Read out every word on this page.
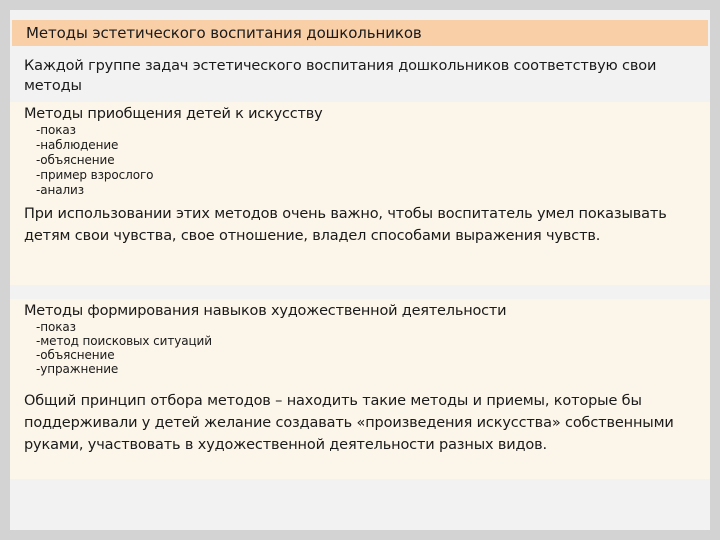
Методы эстетического воспитания дошкольников
Каждой группе задач эстетического воспитания дошкольников соответствую свои методы
Методы приобщения детей к искусству
-показ
-наблюдение
-объяснение
-пример взрослого
-анализ
При использовании этих методов очень важно, чтобы воспитатель умел показывать детям свои чувства, свое отношение, владел способами выражения чувств.
Методы формирования навыков художественной деятельности
-показ
-метод поисковых ситуаций
-объяснение
-упражнение
Общий принцип отбора методов – находить такие методы и приемы, которые бы поддерживали у детей желание создавать «произведения искусства» собственными руками, участвовать в художественной деятельности разных видов.
